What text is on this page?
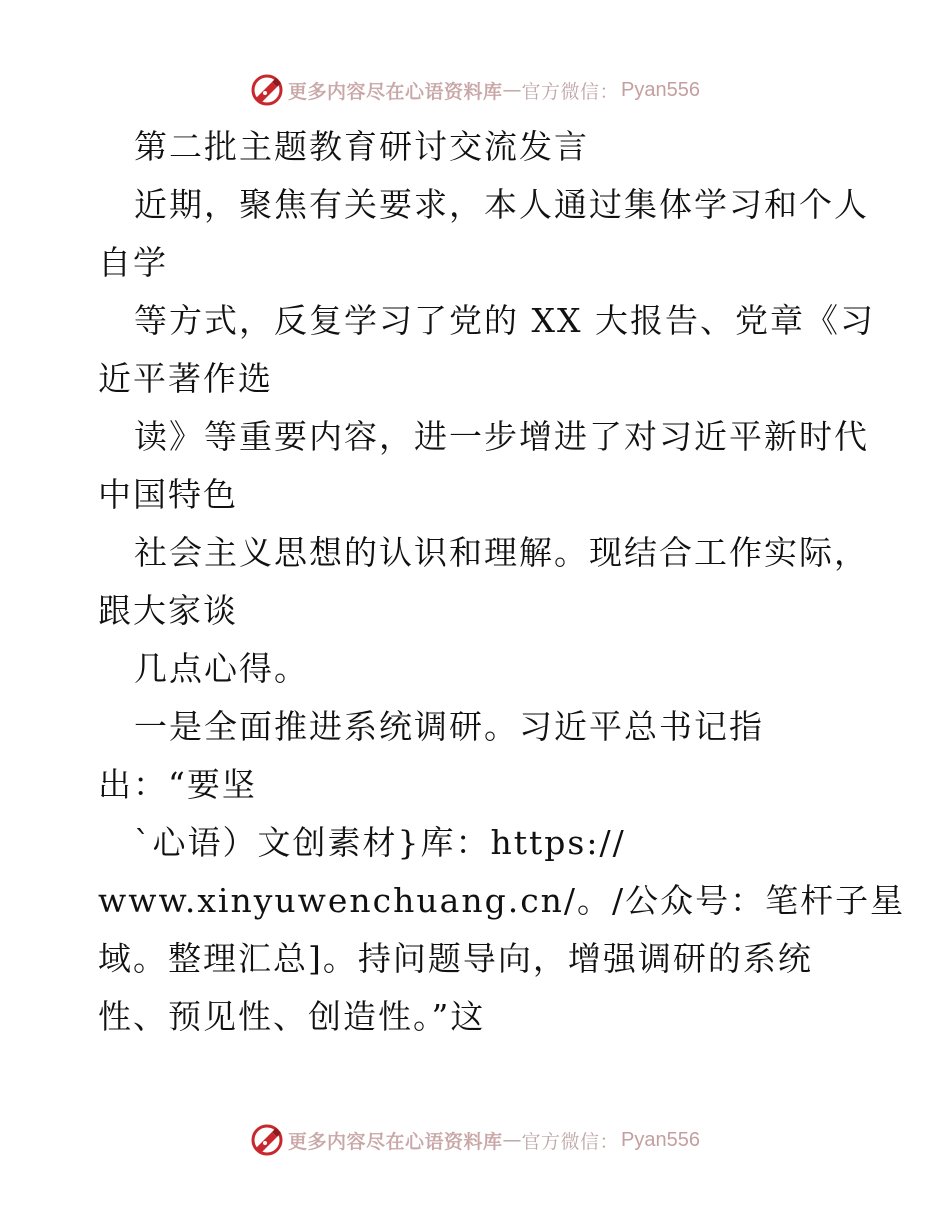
更多内容尽在心语资料库 — 官方微信： Pyan556
第二批主题教育研讨交流发言
近期，聚焦有关要求，本人通过集体学习和个人
自学
等方式，反复学习了党的 XX 大报告、党章《习
近平著作选
读》等重要内容，进一步增进了对习近平新时代
中国特色
社会主义思想的认识和理解。现结合工作实际，
跟大家谈
几点心得。
一是全面推进系统调研。习近平总书记指
出：“要坚
ˋ心语）文创素材}库：https://
www.xinyuwenchuang.cn/。/公众号：笔杆子星
域。整理汇总]。持问题导向，增强调研的系统
性、预见性、创造性。”这
更多内容尽在心语资料库 — 官方微信： Pyan556
